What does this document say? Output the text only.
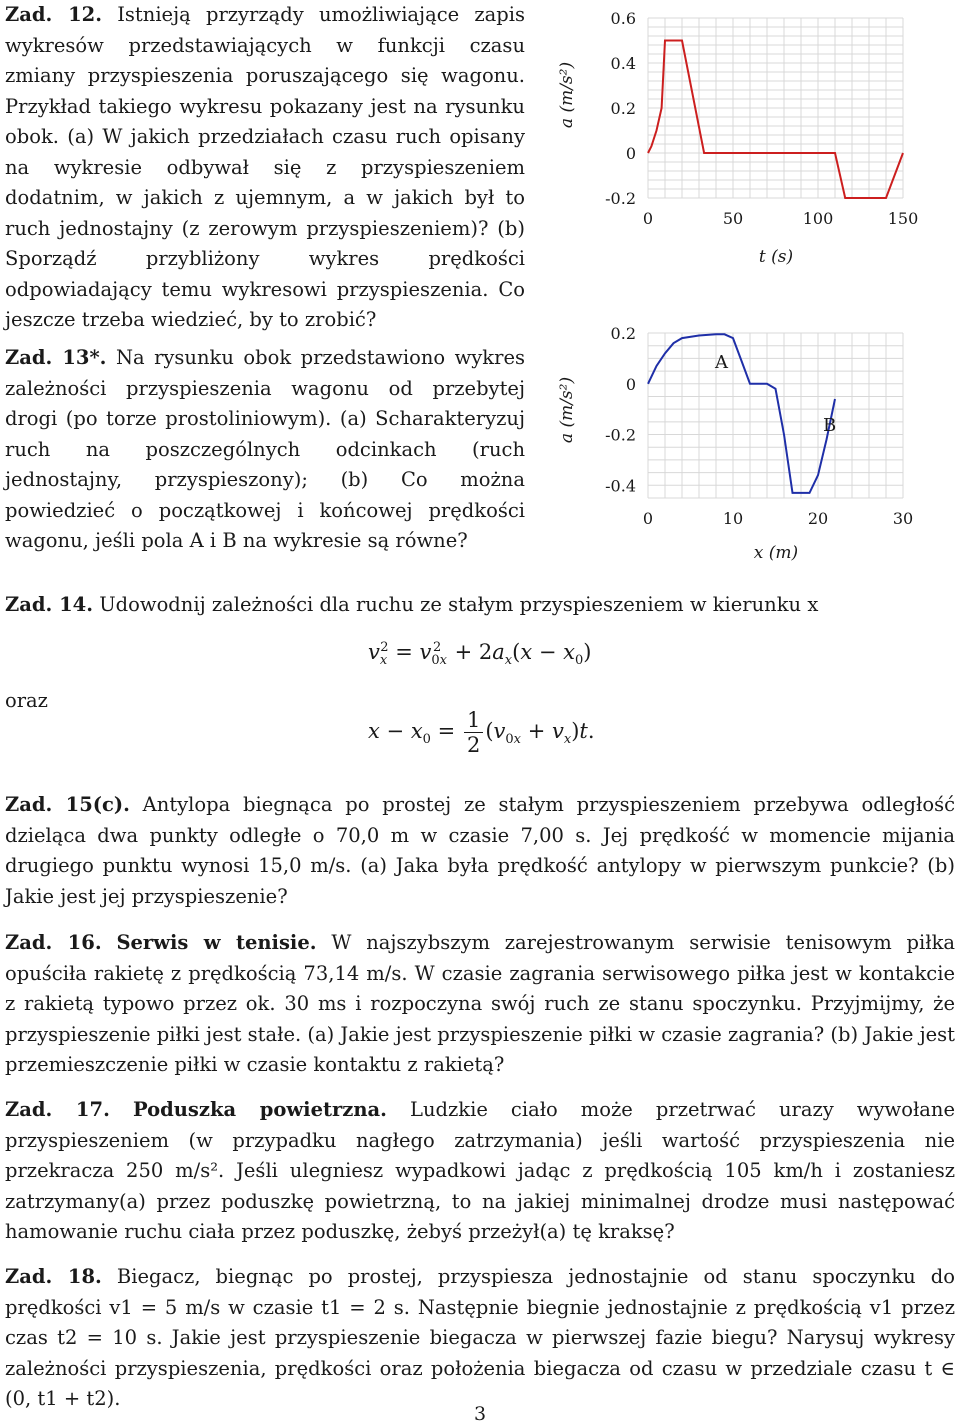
Zad. 12. Istnieją przyrządy umożliwiające zapis wykresów przedstawiających w funkcji czasu zmiany przyspieszenia poruszającego się wagonu. Przykład takiego wykresu pokazany jest na rysunku obok. (a) W jakich przedziałach czasu ruch opisany na wykresie odbywał się z przyspieszeniem dodatnim, w jakich z ujemnym, a w jakich był to ruch jednostajny (z zerowym przyspieszeniem)? (b) Sporządź przybliżony wykres prędkości odpowiadający temu wykresowi przyspieszenia. Co jeszcze trzeba wiedzieć, by to zrobić?
0	50	100	150
0.6
0.4
0.2
0
-0.2
t (s)
a (m/s²)
Zad. 13*. Na rysunku obok przedstawiono wykres zależności przyspieszenia wagonu od przebytej drogi (po torze prostoliniowym). (a) Scharakteryzuj ruch na poszczególnych odcinkach (ruch jednostajny, przyspieszony); (b) Co można powiedzieć o początkowej i końcowej prędkości wagonu, jeśli pola A i B na wykresie są równe?
0	10	20	30
0.2
0
-0.2
-0.4
A
B
x (m)
a (m/s²)
Zad. 14. Udowodnij zależności dla ruchu ze stałym przyspieszeniem w kierunku x
$v_x^2 = v_{0x}^2 + 2a_x(x - x_0)$
oraz
$x - x_0 = \frac{1}{2} (v_{0x} + v_x)t$.
Zad. 15(c). Antylopa biegnąca po prostej ze stałym przyspieszeniem przebywa odległość dzieląca dwa punkty odległe o 70,0 m w czasie 7,00 s. Jej prędkość w momencie mijania drugiego punktu wynosi 15,0 m/s. (a) Jaka była prędkość antylopy w pierwszym punkcie? (b) Jakie jest jej przyspieszenie?
Zad. 16. Serwis w tenisie. W najszybszym zarejestrowanym serwisie tenisowym piłka opuściła rakietę z prędkością 73,14 m/s. W czasie zagrania serwisowego piłka jest w kontakcie z rakietą typowo przez ok. 30 ms i rozpoczyna swój ruch ze stanu spoczynku. Przyjmijmy, że przyspieszenie piłki jest stałe. (a) Jakie jest przyspieszenie piłki w czasie zagrania? (b) Jakie jest przemieszczenie piłki w czasie kontaktu z rakietą?
Zad. 17. Poduszka powietrzna. Ludzkie ciało może przetrwać urazy wywołane przyspieszeniem (w przypadku nagłego zatrzymania) jeśli wartość przyspieszenia nie przekracza 250 m/s². Jeśli ulegniesz wypadkowi jadąc z prędkością 105 km/h i zostaniesz zatrzymany(a) przez poduszkę powietrzną, to na jakiej minimalnej drodze musi następować hamowanie ruchu ciała przez poduszkę, żebyś przeżył(a) tę kraksę?
Zad. 18. Biegacz, biegnąc po prostej, przyspiesza jednostajnie od stanu spoczynku do prędkości v1 = 5 m/s w czasie t1 = 2 s. Następnie biegnie jednostajnie z prędkością v1 przez czas t2 = 10 s. Jakie jest przyspieszenie biegacza w pierwszej fazie biegu? Narysuj wykresy zależności przyspieszenia, prędkości oraz położenia biegacza od czasu w przedziale czasu t ∈ (0, t1 + t2).
3
